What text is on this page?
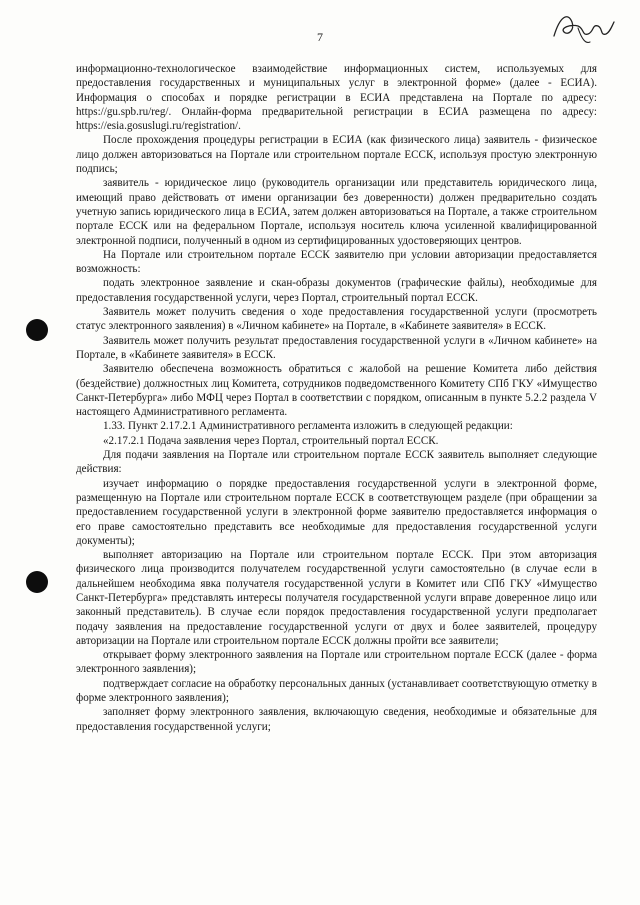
7

информационно-технологическое взаимодействие информационных систем, используемых для предоставления государственных и муниципальных услуг в электронной форме» (далее - ЕСИА). Информация о способах и порядке регистрации в ЕСИА представлена на Портале по адресу: https://gu.spb.ru/reg/. Онлайн-форма предварительной регистрации в ЕСИА размещена по адресу: https://esia.gosuslugi.ru/registration/.

После прохождения процедуры регистрации в ЕСИА (как физического лица) заявитель - физическое лицо должен авторизоваться на Портале или строительном портале ЕССК, используя простую электронную подпись;

заявитель - юридическое лицо (руководитель организации или представитель юридического лица, имеющий право действовать от имени организации без доверенности) должен предварительно создать учетную запись юридического лица в ЕСИА, затем должен авторизоваться на Портале, а также строительном портале ЕССК или на федеральном Портале, используя носитель ключа усиленной квалифицированной электронной подписи, полученный в одном из сертифицированных удостоверяющих центров.

На Портале или строительном портале ЕССК заявителю при условии авторизации предоставляется возможность:

подать электронное заявление и скан-образы документов (графические файлы), необходимые для предоставления государственной услуги, через Портал, строительный портал ЕССК.

Заявитель может получить сведения о ходе предоставления государственной услуги (просмотреть статус электронного заявления) в «Личном кабинете» на Портале, в «Кабинете заявителя» в ЕССК.

Заявитель может получить результат предоставления государственной услуги в «Личном кабинете» на Портале, в «Кабинете заявителя» в ЕССК.

Заявителю обеспечена возможность обратиться с жалобой на решение Комитета либо действия (бездействие) должностных лиц Комитета, сотрудников подведомственного Комитету СПб ГКУ «Имущество Санкт-Петербурга» либо МФЦ через Портал в соответствии с порядком, описанным в пункте 5.2.2 раздела V настоящего Административного регламента.

1.33. Пункт 2.17.2.1 Административного регламента изложить в следующей редакции:

«2.17.2.1 Подача заявления через Портал, строительный портал ЕССК.

Для подачи заявления на Портале или строительном портале ЕССК заявитель выполняет следующие действия:

изучает информацию о порядке предоставления государственной услуги в электронной форме, размещенную на Портале или строительном портале ЕССК в соответствующем разделе (при обращении за предоставлением государственной услуги в электронной форме заявителю предоставляется информация о его праве самостоятельно представить все необходимые для предоставления государственной услуги документы);

выполняет авторизацию на Портале или строительном портале ЕССК. При этом авторизация физического лица производится получателем государственной услуги самостоятельно (в случае если в дальнейшем необходима явка получателя государственной услуги в Комитет или СПб ГКУ «Имущество Санкт-Петербурга» представлять интересы получателя государственной услуги вправе доверенное лицо или законный представитель). В случае если порядок предоставления государственной услуги предполагает подачу заявления на предоставление государственной услуги от двух и более заявителей, процедуру авторизации на Портале или строительном портале ЕССК должны пройти все заявители;

открывает форму электронного заявления на Портале или строительном портале ЕССК (далее - форма электронного заявления);

подтверждает согласие на обработку персональных данных (устанавливает соответствующую отметку в форме электронного заявления);

заполняет форму электронного заявления, включающую сведения, необходимые и обязательные для предоставления государственной услуги;
